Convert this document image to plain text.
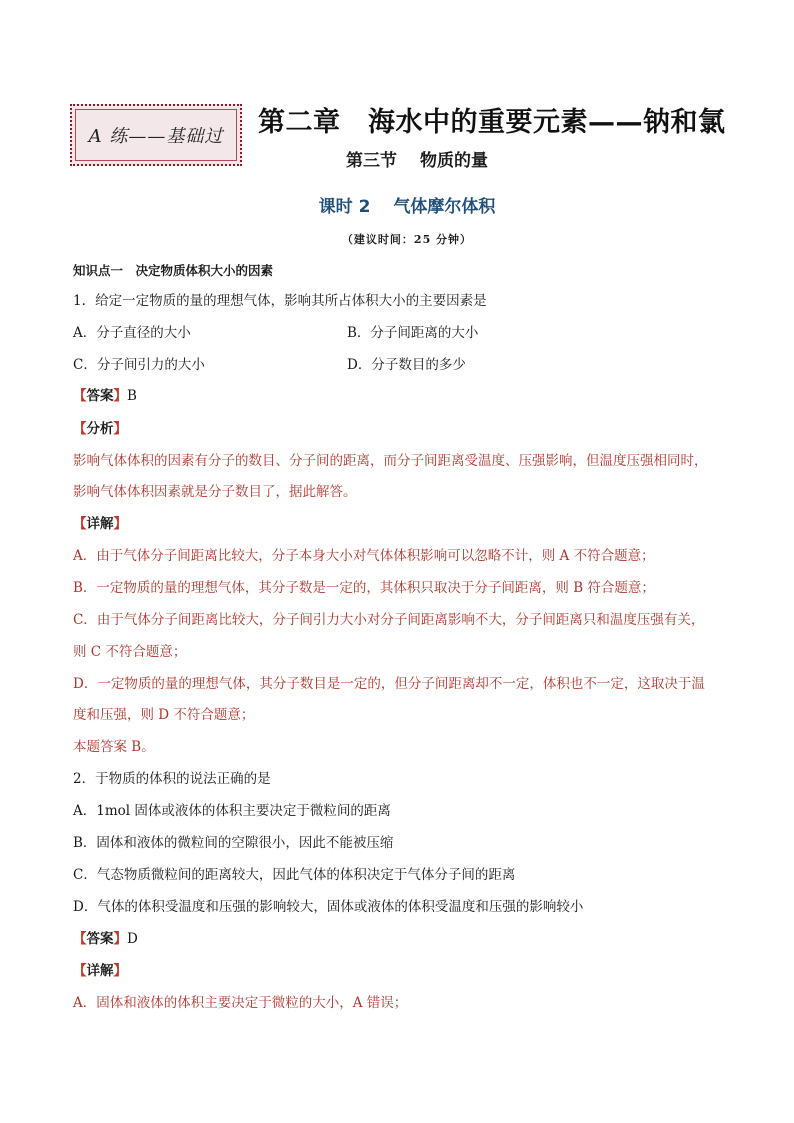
A 练——基础过	第二章　海水中的重要元素——钠和氯
第三节　 物质的量
课时 2　 气体摩尔体积
（建议时间：25 分钟）
知识点一　决定物质体积大小的因素
1．给定一定物质的量的理想气体，影响其所占体积大小的主要因素是
A．分子直径的大小	B．分子间距离的大小
C．分子间引力的大小	D．分子数目的多少
【答案】B
【分析】
影响气体体积的因素有分子的数目、分子间的距离，而分子间距离受温度、压强影响，但温度压强相同时，
影响气体体积因素就是分子数目了，据此解答。
【详解】
A．由于气体分子间距离比较大，分子本身大小对气体体积影响可以忽略不计，则 A 不符合题意；
B．一定物质的量的理想气体，其分子数是一定的，其体积只取决于分子间距离，则 B 符合题意；
C．由于气体分子间距离比较大，分子间引力大小对分子间距离影响不大，分子间距离只和温度压强有关，
则 C 不符合题意；
D．一定物质的量的理想气体，其分子数目是一定的，但分子间距离却不一定，体积也不一定，这取决于温
度和压强，则 D 不符合题意；
本题答案 B。
2．于物质的体积的说法正确的是
A．1mol 固体或液体的体积主要决定于微粒间的距离
B．固体和液体的微粒间的空隙很小，因此不能被压缩
C．气态物质微粒间的距离较大，因此气体的体积决定于气体分子间的距离
D．气体的体积受温度和压强的影响较大，固体或液体的体积受温度和压强的影响较小
【答案】D
【详解】
A．固体和液体的体积主要决定于微粒的大小，A 错误；
